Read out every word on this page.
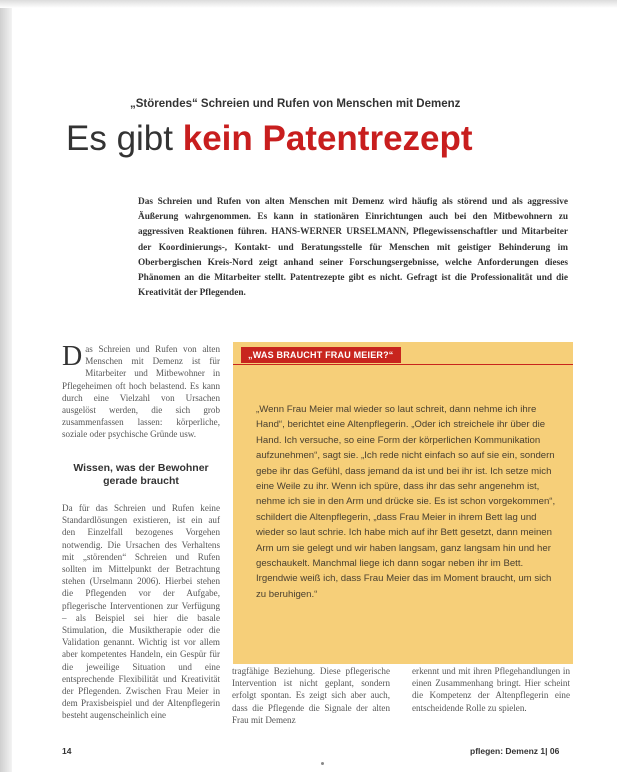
„Störendes“ Schreien und Rufen von Menschen mit Demenz
Es gibt kein Patentrezept
Das Schreien und Rufen von alten Menschen mit Demenz wird häufig als störend und als aggressive Äußerung wahrgenommen. Es kann in stationären Einrichtungen auch bei den Mitbewohnern zu aggressiven Reaktionen führen. HANS-WERNER URSELMANN, Pflegewissenschaftler und Mitarbeiter der Koordinierungs-, Kontakt- und Beratungsstelle für Menschen mit geistiger Behinderung im Oberbergischen Kreis-Nord zeigt anhand seiner Forschungsergebnisse, welche Anforderungen dieses Phänomen an die Mitarbeiter stellt. Patentrezepte gibt es nicht. Gefragt ist die Professionalität und die Kreativität der Pflegenden.
Das Schreien und Rufen von alten Menschen mit Demenz ist für Mitarbeiter und Mitbewohner in Pflegeheimen oft hoch belastend. Es kann durch eine Vielzahl von Ursachen ausgelöst werden, die sich grob zusammenfassen lassen: körperliche, soziale oder psychische Gründe usw.
Wissen, was der Bewohner gerade braucht
Da für das Schreien und Rufen keine Standardlösungen existieren, ist ein auf den Einzelfall bezogenes Vorgehen notwendig. Die Ursachen des Verhaltens mit „störenden“ Schreien und Rufen sollten im Mittelpunkt der Betrachtung stehen (Urselmann 2006). Hierbei stehen die Pflegenden vor der Aufgabe, pflegerische Interventionen zur Verfügung – als Beispiel sei hier die basale Stimulation, die Musiktherapie oder die Validation genannt. Wichtig ist vor allem aber kompetentes Handeln, ein Gespür für die jeweilige Situation und eine entsprechende Flexibilität und Kreativität der Pflegenden. Zwischen Frau Meier in dem Praxisbeispiel und der Altenpflegerin besteht augenscheinlich eine
„WAS BRAUCHT FRAU MEIER?“
„Wenn Frau Meier mal wieder so laut schreit, dann nehme ich ihre Hand“, berichtet eine Altenpflegerin. „Oder ich streichele ihr über die Hand. Ich versuche, so eine Form der körperlichen Kommunikation aufzunehmen“, sagt sie. „Ich rede nicht einfach so auf sie ein, sondern gebe ihr das Gefühl, dass jemand da ist und bei ihr ist. Ich setze mich eine Weile zu ihr. Wenn ich spüre, dass ihr das sehr angenehm ist, nehme ich sie in den Arm und drücke sie. Es ist schon vorgekommen“, schildert die Altenpflegerin, „dass Frau Meier in ihrem Bett lag und wieder so laut schrie. Ich habe mich auf ihr Bett gesetzt, dann meinen Arm um sie gelegt und wir haben langsam, ganz langsam hin und her geschaukelt. Manchmal liege ich dann sogar neben ihr im Bett. Irgendwie weiß ich, dass Frau Meier das im Moment braucht, um sich zu beruhigen.“
tragfähige Beziehung. Diese pflegerische Intervention ist nicht geplant, sondern erfolgt spontan. Es zeigt sich aber auch, dass die Pflegende die Signale der alten Frau mit Demenz
erkennt und mit ihren Pflegehandlungen in einen Zusammenhang bringt. Hier scheint die Kompetenz der Altenpflegerin eine entscheidende Rolle zu spielen.
14	pflegen: Demenz 1| 06
